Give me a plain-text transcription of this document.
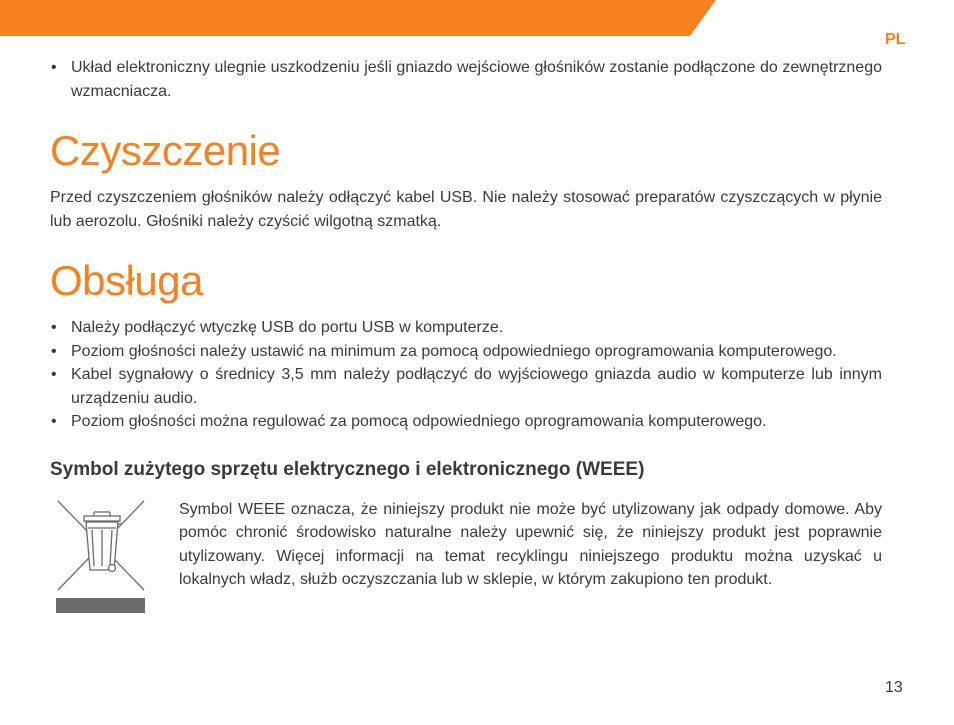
PL
• Układ elektroniczny ulegnie uszkodzeniu jeśli gniazdo wejściowe głośników zostanie podłączone do zewnętrznego wzmacniacza.
Czyszczenie

Przed czyszczeniem głośników należy odłączyć kabel USB. Nie należy stosować preparatów czyszczących w płynie lub aerozolu. Głośniki należy czyścić wilgotną szmatką.

Obsługa
• Należy podłączyć wtyczkę USB do portu USB w komputerze.
• Poziom głośności należy ustawić na minimum za pomocą odpowiedniego oprogramowania komputerowego.
• Kabel sygnałowy o średnicy 3,5 mm należy podłączyć do wyjściowego gniazda audio w komputerze lub innym urządzeniu audio.
• Poziom głośności można regulować za pomocą odpowiedniego oprogramowania komputerowego.
Symbol zużytego sprzętu elektrycznego i elektronicznego (WEEE)

Symbol WEEE oznacza, że niniejszy produkt nie może być utylizowany jak odpady domowe. Aby pomóc chronić środowisko naturalne należy upewnić się, że niniejszy produkt jest poprawnie utylizowany. Więcej informacji na temat recyklingu niniejszego produktu można uzyskać u lokalnych władz, służb oczyszczania lub w sklepie, w którym zakupiono ten produkt.

13
